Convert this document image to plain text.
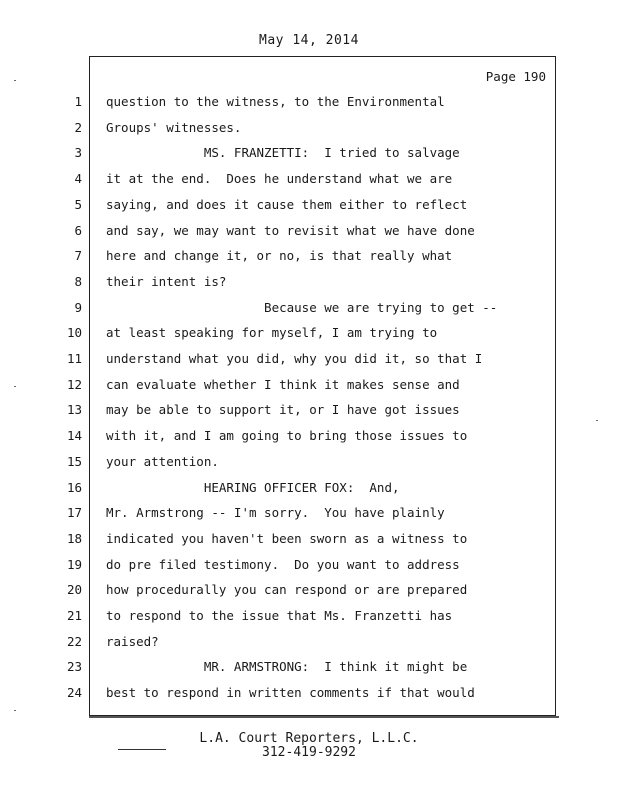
May 14, 2014
Page 190
1 question to the witness, to the Environmental
2 Groups' witnesses.
3 MS. FRANZETTI:  I tried to salvage
4 it at the end.  Does he understand what we are
5 saying, and does it cause them either to reflect
6 and say, we may want to revisit what we have done
7 here and change it, or no, is that really what
8 their intent is?
9 Because we are trying to get --
10 at least speaking for myself, I am trying to
11 understand what you did, why you did it, so that I
12 can evaluate whether I think it makes sense and
13 may be able to support it, or I have got issues
14 with it, and I am going to bring those issues to
15 your attention.
16 HEARING OFFICER FOX:  And,
17 Mr. Armstrong -- I'm sorry.  You have plainly
18 indicated you haven't been sworn as a witness to
19 do pre filed testimony.  Do you want to address
20 how procedurally you can respond or are prepared
21 to respond to the issue that Ms. Franzetti has
22 raised?
23 MR. ARMSTRONG:  I think it might be
24 best to respond in written comments if that would
L.A. Court Reporters, L.L.C.
312-419-9292
